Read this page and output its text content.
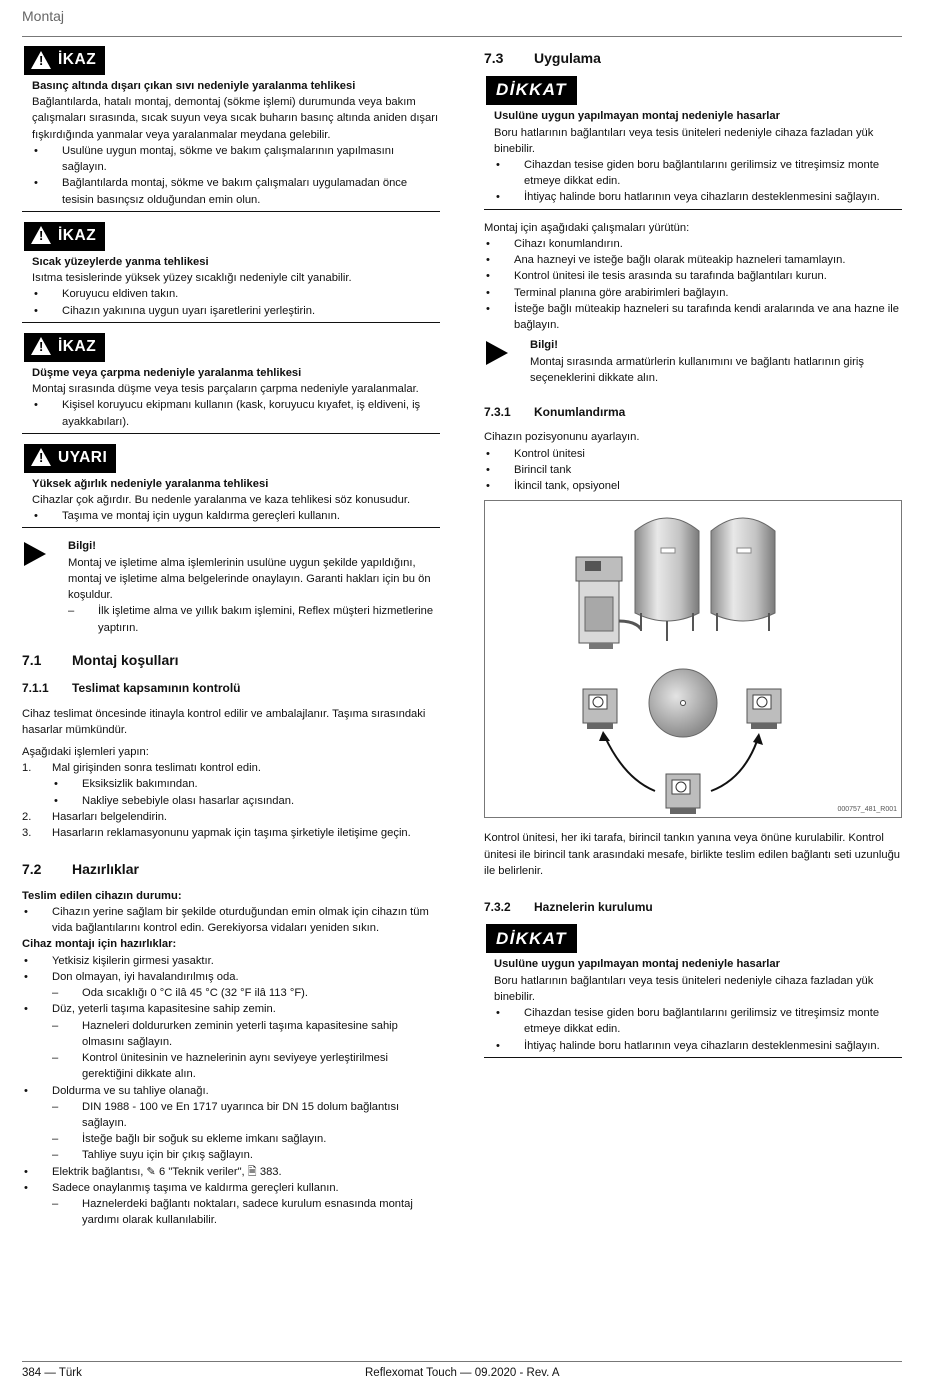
Montaj
! İKAZ
Basınç altında dışarı çıkan sıvı nedeniyle yaralanma tehlikesi
Bağlantılarda, hatalı montaj, demontaj (sökme işlemi) durumunda veya bakım çalışmaları sırasında, sıcak suyun veya sıcak buharın basınç altında aniden dışarı fışkırdığında yanmalar veya yaralanmalar meydana gelebilir.
• Usulüne uygun montaj, sökme ve bakım çalışmalarının yapılmasını sağlayın.
• Bağlantılarda montaj, sökme ve bakım çalışmaları uygulamadan önce tesisin basınçsız olduğundan emin olun.
! İKAZ
Sıcak yüzeylerde yanma tehlikesi
Isıtma tesislerinde yüksek yüzey sıcaklığı nedeniyle cilt yanabilir.
• Koruyucu eldiven takın.
• Cihazın yakınına uygun uyarı işaretlerini yerleştirin.
! İKAZ
Düşme veya çarpma nedeniyle yaralanma tehlikesi
Montaj sırasında düşme veya tesis parçaların çarpma nedeniyle yaralanmalar.
• Kişisel koruyucu ekipmanı kullanın (kask, koruyucu kıyafet, iş eldiveni, iş ayakkabıları).
! UYARI
Yüksek ağırlık nedeniyle yaralanma tehlikesi
Cihazlar çok ağırdır. Bu nedenle yaralanma ve kaza tehlikesi söz konusudur.
• Taşıma ve montaj için uygun kaldırma gereçleri kullanın.
Bilgi!
Montaj ve işletime alma işlemlerinin usulüne uygun şekilde yapıldığını, montaj ve işletime alma belgelerinde onaylayın. Garanti hakları için bu ön koşuldur.
– İlk işletime alma ve yıllık bakım işlemini, Reflex müşteri hizmetlerine yaptırın.
7.1 Montaj koşulları
7.1.1 Teslimat kapsamının kontrolü

Cihaz teslimat öncesinde itinayla kontrol edilir ve ambalajlanır. Taşıma sırasındaki hasarlar mümkündür.

Aşağıdaki işlemleri yapın:

1. Mal girişinden sonra teslimatı kontrol edin.
• Eksiksizlik bakımından.
• Nakliye sebebiyle olası hasarlar açısından.
2. Hasarları belgelendirin.
3. Hasarların reklamasyonunu yapmak için taşıma şirketiyle iletişime geçin.
7.2 Hazırlıklar
Teslim edilen cihazın durumu:
• Cihazın yerine sağlam bir şekilde oturduğundan emin olmak için cihazın tüm vida bağlantılarını kontrol edin. Gerekiyorsa vidaları yeniden sıkın.
Cihaz montajı için hazırlıklar:
• Yetkisiz kişilerin girmesi yasaktır.
• Don olmayan, iyi havalandırılmış oda.
– Oda sıcaklığı 0 °C ilâ 45 °C (32 °F ilâ 113 °F).
• Düz, yeterli taşıma kapasitesine sahip zemin.
– Hazneleri doldururken zeminin yeterli taşıma kapasitesine sahip olmasını sağlayın.
– Kontrol ünitesinin ve haznelerinin aynı seviyeye yerleştirilmesi gerektiğini dikkate alın.
• Doldurma ve su tahliye olanağı.
– DIN 1988 - 100 ve En 1717 uyarınca bir DN 15 dolum bağlantısı sağlayın.
– İsteğe bağlı bir soğuk su ekleme imkanı sağlayın.
– Tahliye suyu için bir çıkış sağlayın.
• Elektrik bağlantısı, ✎ 6 "Teknik veriler", 🗎 383.
• Sadece onaylanmış taşıma ve kaldırma gereçleri kullanın.
– Haznelerdeki bağlantı noktaları, sadece kurulum esnasında montaj yardımı olarak kullanılabilir.
7.3 Uygulama
DİKKAT
Usulüne uygun yapılmayan montaj nedeniyle hasarlar
Boru hatlarının bağlantıları veya tesis üniteleri nedeniyle cihaza fazladan yük binebilir.
• Cihazdan tesise giden boru bağlantılarını gerilimsiz ve titreşimsiz monte etmeye dikkat edin.
• İhtiyaç halinde boru hatlarının veya cihazların desteklenmesini sağlayın.

Montaj için aşağıdaki çalışmaları yürütün:

• Cihazı konumlandırın.
• Ana hazneyi ve isteğe bağlı olarak müteakip hazneleri tamamlayın.
• Kontrol ünitesi ile tesis arasında su tarafında bağlantıları kurun.
• Terminal planına göre arabirimleri bağlayın.
• İsteğe bağlı müteakip hazneleri su tarafında kendi aralarında ve ana hazne ile bağlayın.
Bilgi!
Montaj sırasında armatürlerin kullanımını ve bağlantı hatlarının giriş seçeneklerini dikkate alın.
7.3.1 Konumlandırma

Cihazın pozisyonunu ayarlayın.

• Kontrol ünitesi
• Birincil tank
• İkincil tank, opsiyonel
000757_481_R001

Kontrol ünitesi, her iki tarafa, birincil tankın yanına veya önüne kurulabilir. Kontrol ünitesi ile birincil tank arasındaki mesafe, birlikte teslim edilen bağlantı seti uzunluğu ile belirlenir.

7.3.2 Haznelerin kurulumu
DİKKAT
Usulüne uygun yapılmayan montaj nedeniyle hasarlar
Boru hatlarının bağlantıları veya tesis üniteleri nedeniyle cihaza fazladan yük binebilir.
• Cihazdan tesise giden boru bağlantılarını gerilimsiz ve titreşimsiz monte etmeye dikkat edin.
• İhtiyaç halinde boru hatlarının veya cihazların desteklenmesini sağlayın.
384 — Türk	Reflexomat Touch — 09.2020 - Rev. A
